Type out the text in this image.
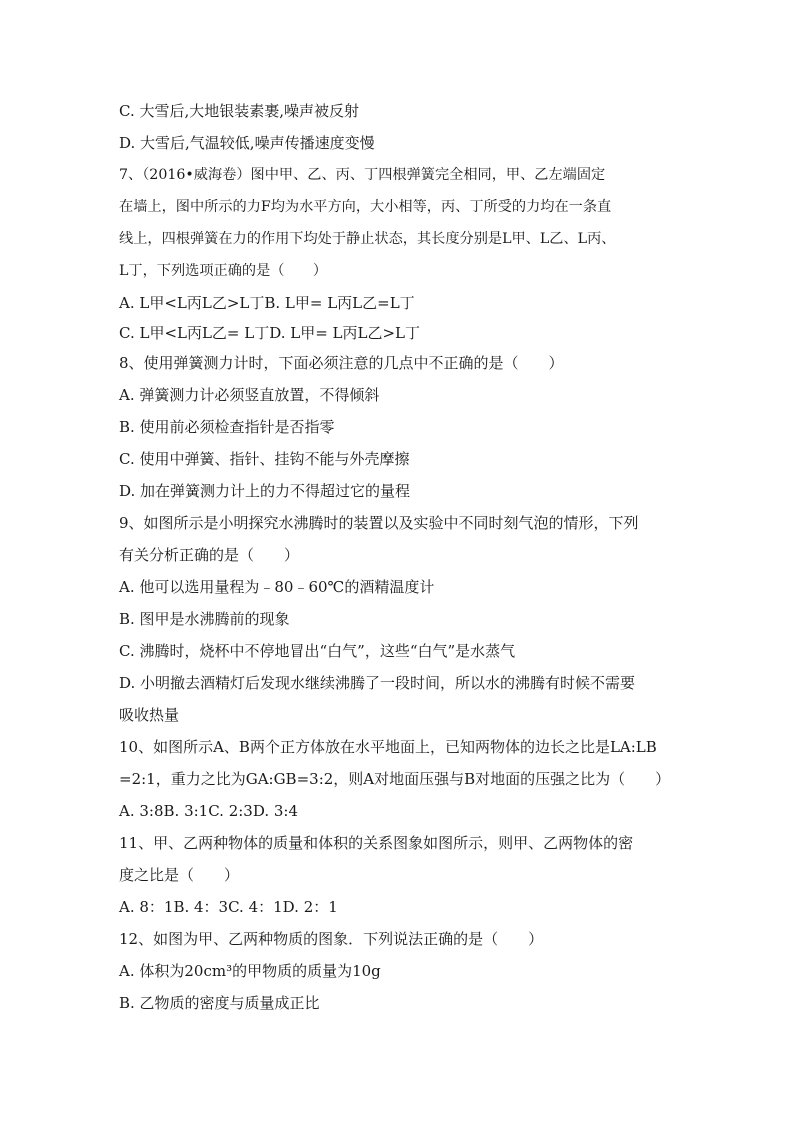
C. 大雪后,大地银装素裹,噪声被反射
D. 大雪后,气温较低,噪声传播速度变慢
7、（2016•威海卷）图中甲、乙、丙、丁四根弹簧完全相同，甲、乙左端固定
在墙上，图中所示的力F均为水平方向，大小相等，丙、丁所受的力均在一条直
线上，四根弹簧在力的作用下均处于静止状态，其长度分别是L甲、L乙、L丙、
L丁，下列选项正确的是（　　）
A. L甲<L丙L乙>L丁B. L甲= L丙L乙=L丁
C. L甲<L丙L乙= L丁D. L甲= L丙L乙>L丁
8、使用弹簧测力计时，下面必须注意的几点中不正确的是（　　）
A. 弹簧测力计必须竖直放置，不得倾斜
B. 使用前必须检查指针是否指零
C. 使用中弹簧、指针、挂钩不能与外壳摩擦
D. 加在弹簧测力计上的力不得超过它的量程
9、如图所示是小明探究水沸腾时的装置以及实验中不同时刻气泡的情形，下列
有关分析正确的是（　　）
A. 他可以选用量程为﹣80﹣60℃的酒精温度计
B. 图甲是水沸腾前的现象
C. 沸腾时，烧杯中不停地冒出“白气”，这些“白气”是水蒸气
D. 小明撤去酒精灯后发现水继续沸腾了一段时间，所以水的沸腾有时候不需要
吸收热量
10、如图所示A、B两个正方体放在水平地面上，已知两物体的边长之比是LA:LB
=2:1，重力之比为GA:GB=3:2，则A对地面压强与B对地面的压强之比为（　　）
A. 3:8B. 3:1C. 2:3D. 3:4
11、甲、乙两种物体的质量和体积的关系图象如图所示，则甲、乙两物体的密
度之比是（　　）
A. 8：1B. 4：3C. 4：1D. 2：1
12、如图为甲、乙两种物质的图象．下列说法正确的是（　　）
A. 体积为20cm³的甲物质的质量为10g
B. 乙物质的密度与质量成正比
